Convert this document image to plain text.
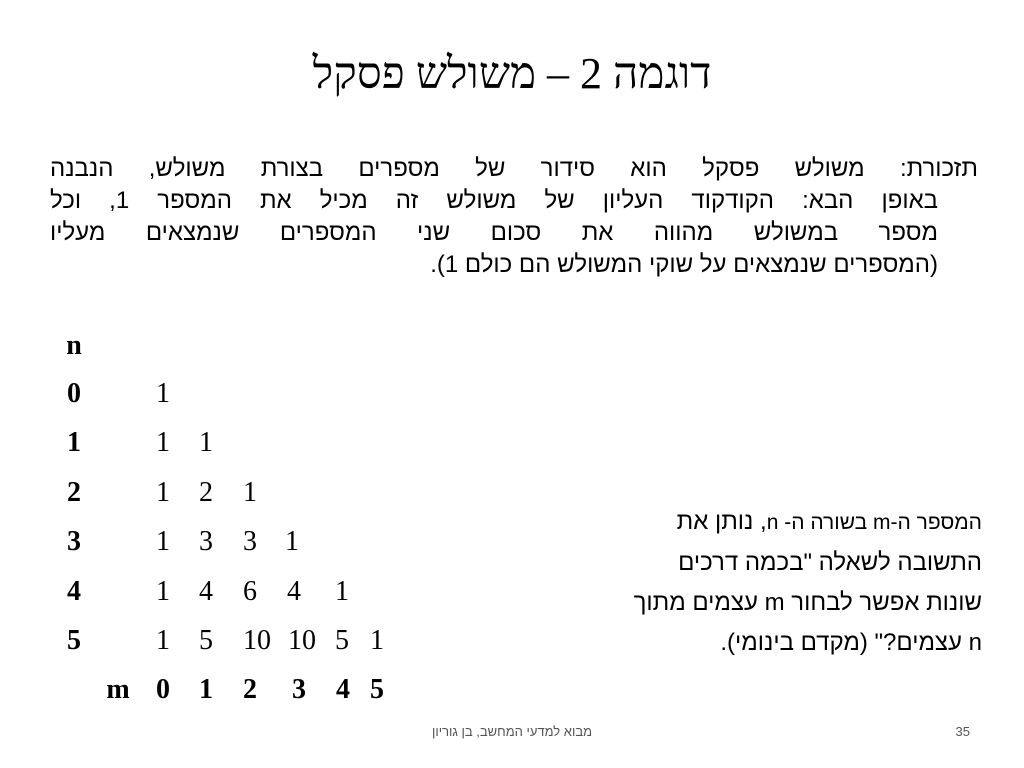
דוגמה 2 – משולש פסקל
תזכורת: משולש פסקל הוא סידור של מספרים בצורת משולש, הנבנה
באופן הבא: הקודקוד העליון של משולש זה מכיל את המספר 1, וכל
מספר במשולש מהווה את סכום שני המספרים שנמצאים מעליו
(המספרים שנמצאים על שוקי המשולש הם כולם 1).
n
0
1
2
3
4
5
1
1 1
1 2 1
1 3 3 1
1 4 6 4 1
1 5 10 10 5 1
m 0 1 2 3 4 5
המספר ה-m בשורה ה- n, נותן את
התשובה לשאלה "בכמה דרכים
שונות אפשר לבחור m עצמים מתוך
n עצמים?" (מקדם בינומי).
מבוא למדעי המחשב, בן גוריון	35
